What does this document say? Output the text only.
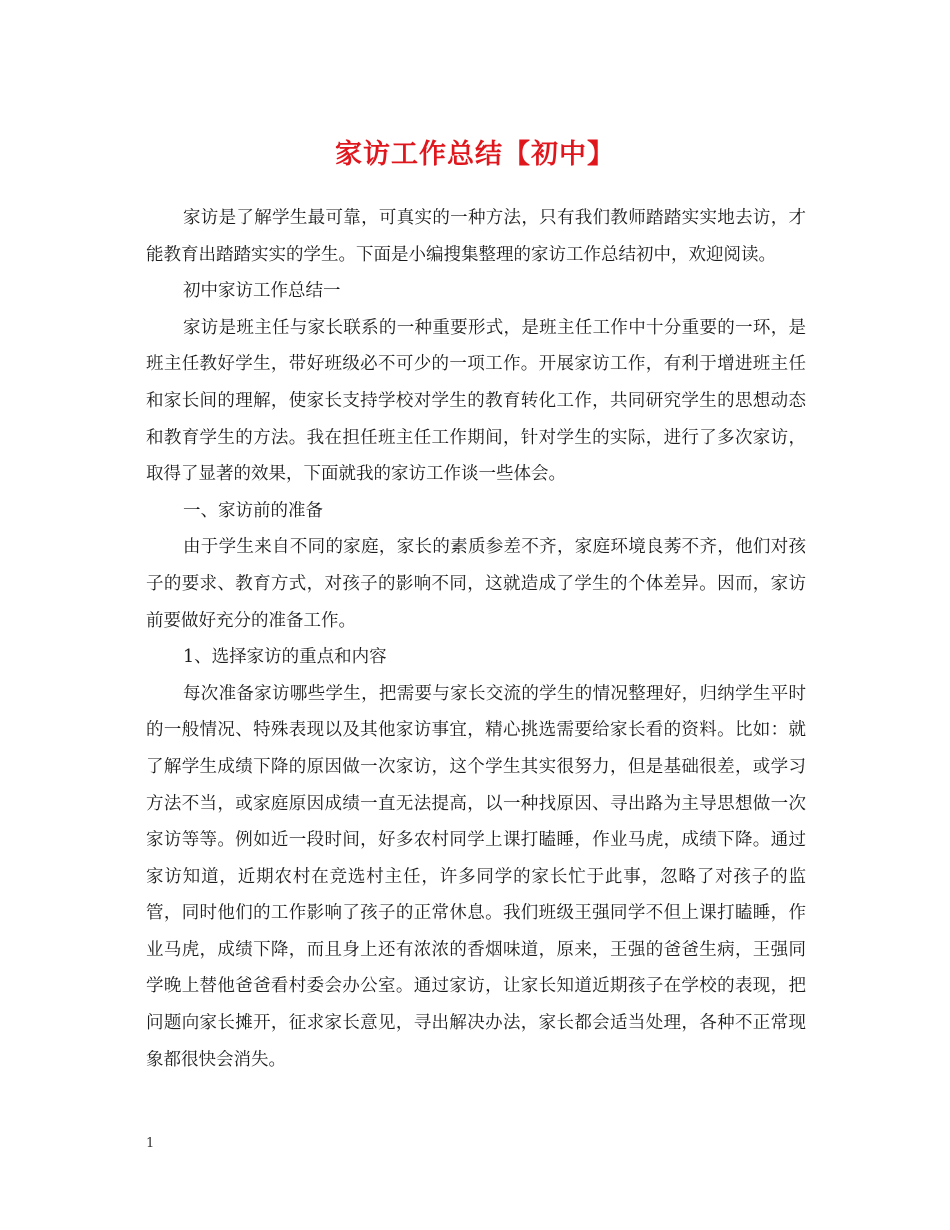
家访工作总结【初中】

家访是了解学生最可靠，可真实的一种方法，只有我们教师踏踏实实地去访，才能教育出踏踏实实的学生。下面是小编搜集整理的家访工作总结初中，欢迎阅读。

初中家访工作总结一

家访是班主任与家长联系的一种重要形式，是班主任工作中十分重要的一环，是班主任教好学生，带好班级必不可少的一项工作。开展家访工作，有利于增进班主任和家长间的理解，使家长支持学校对学生的教育转化工作，共同研究学生的思想动态和教育学生的方法。我在担任班主任工作期间，针对学生的实际，进行了多次家访，取得了显著的效果，下面就我的家访工作谈一些体会。

一、家访前的准备

由于学生来自不同的家庭，家长的素质参差不齐，家庭环境良莠不齐，他们对孩子的要求、教育方式，对孩子的影响不同，这就造成了学生的个体差异。因而，家访前要做好充分的准备工作。

1、选择家访的重点和内容

每次准备家访哪些学生，把需要与家长交流的学生的情况整理好，归纳学生平时的一般情况、特殊表现以及其他家访事宜，精心挑选需要给家长看的资料。比如：就了解学生成绩下降的原因做一次家访，这个学生其实很努力，但是基础很差，或学习方法不当，或家庭原因成绩一直无法提高，以一种找原因、寻出路为主导思想做一次家访等等。例如近一段时间，好多农村同学上课打瞌睡，作业马虎，成绩下降。通过家访知道，近期农村在竞选村主任，许多同学的家长忙于此事，忽略了对孩子的监管，同时他们的工作影响了孩子的正常休息。我们班级王强同学不但上课打瞌睡，作业马虎，成绩下降，而且身上还有浓浓的香烟味道，原来，王强的爸爸生病，王强同学晚上替他爸爸看村委会办公室。通过家访，让家长知道近期孩子在学校的表现，把问题向家长摊开，征求家长意见，寻出解决办法，家长都会适当处理，各种不正常现象都很快会消失。

1
